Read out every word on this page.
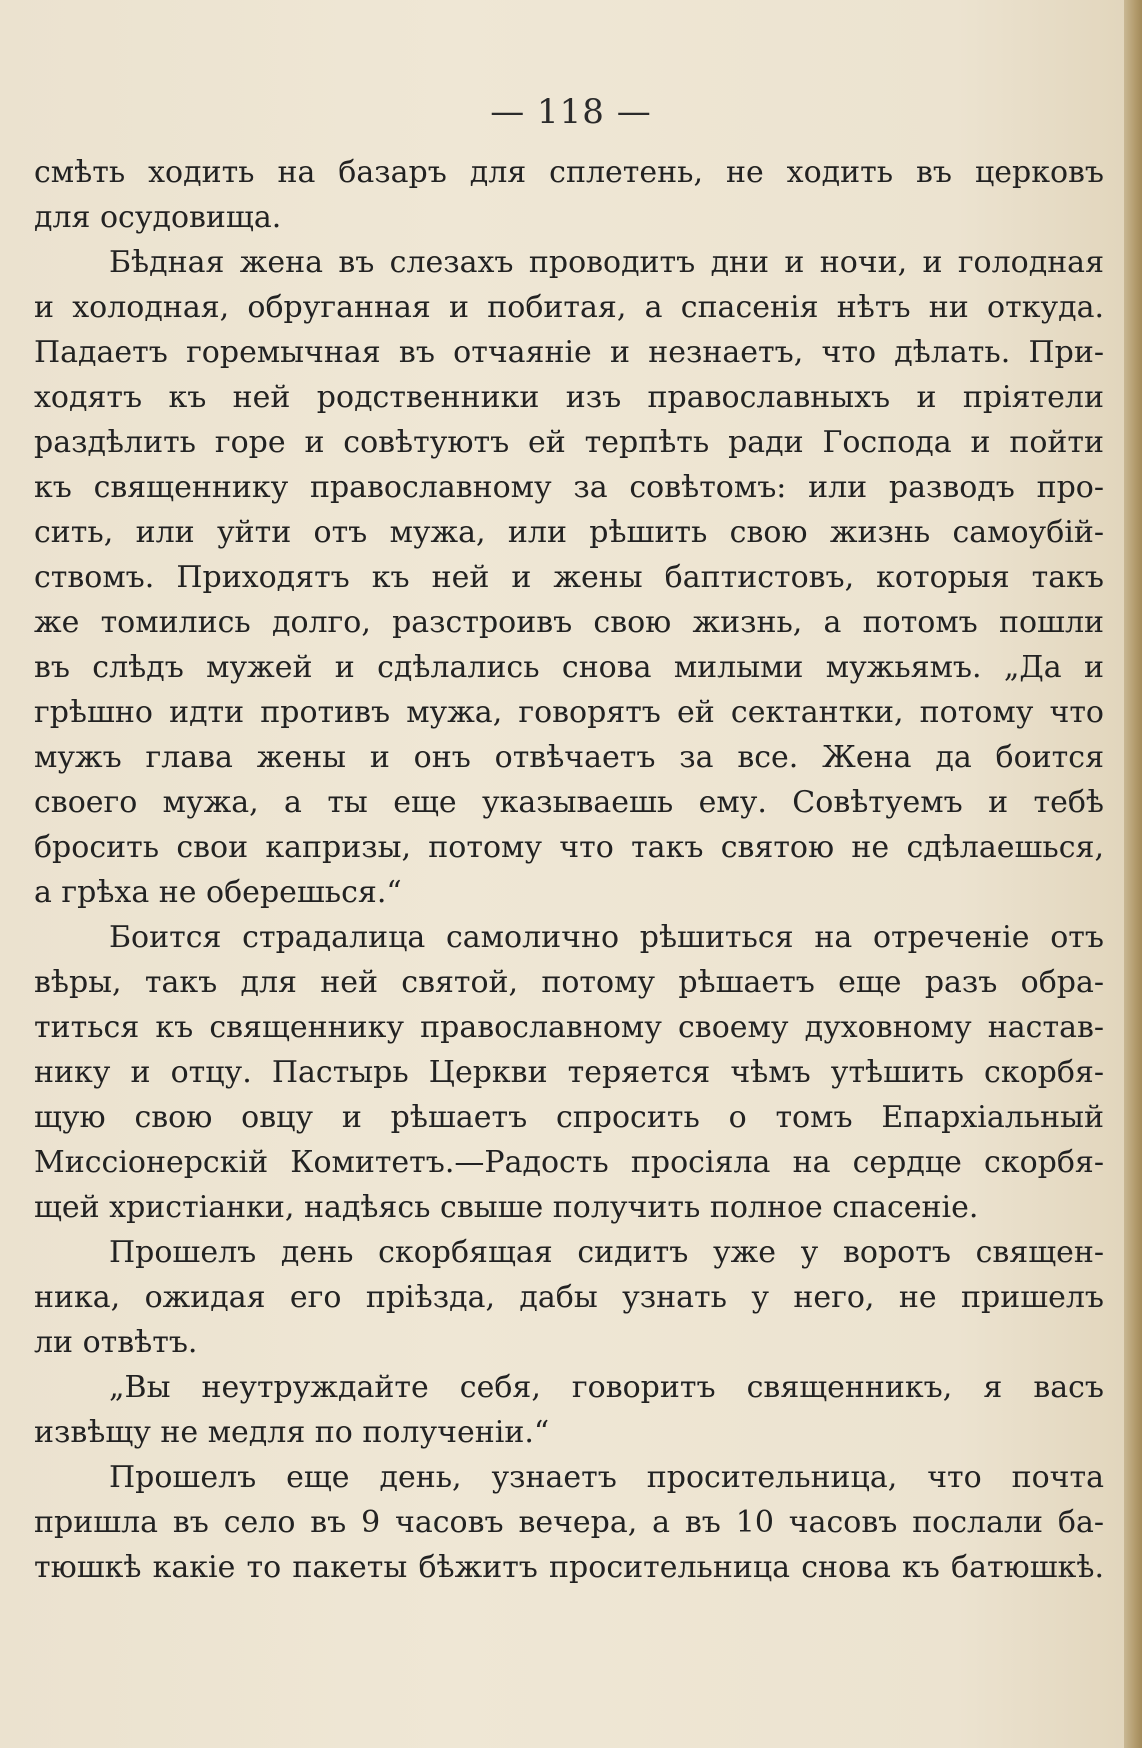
— 118 —
смѣть ходить на базаръ для сплетень, не ходить въ церковъ
для осудовища.
Бѣдная жена въ слезахъ проводитъ дни и ночи, и голодная
и холодная, обруганная и побитая, а спасенія нѣтъ ни откуда.
Падаетъ горемычная въ отчаяніе и незнаетъ, что дѣлать. При-
ходятъ къ ней родственники изъ православныхъ и пріятели
раздѣлить горе и совѣтуютъ ей терпѣть ради Господа и пойти
къ священнику православному за совѣтомъ: или разводъ про-
сить, или уйти отъ мужа, или рѣшить свою жизнь самоубій-
ствомъ. Приходятъ къ ней и жены баптистовъ, которыя такъ
же томились долго, разстроивъ свою жизнь, а потомъ пошли
въ слѣдъ мужей и сдѣлались снова милыми мужьямъ. „Да и
грѣшно идти противъ мужа, говорятъ ей сектантки, потому что
мужъ глава жены и онъ отвѣчаетъ за все. Жена да боится
своего мужа, а ты еще указываешь ему. Совѣтуемъ и тебѣ
бросить свои капризы, потому что такъ святою не сдѣлаешься,
а грѣха не оберешься.“
Боится страдалица самолично рѣшиться на отреченіе отъ
вѣры, такъ для ней святой, потому рѣшаетъ еще разъ обра-
титься къ священнику православному своему духовному настав-
нику и отцу. Пастырь Церкви теряется чѣмъ утѣшить скорбя-
щую свою овцу и рѣшаетъ спросить о томъ Епархіальный
Миссіонерскій Комитетъ.—Радость просіяла на сердце скорбя-
щей христіанки, надѣясь свыше получить полное спасеніе.
Прошелъ день скорбящая сидитъ уже у воротъ священ-
ника, ожидая его пріѣзда, дабы узнать у него, не пришелъ
ли отвѣтъ.
„Вы неутруждайте себя, говоритъ священникъ, я васъ
извѣщу не медля по полученіи.“
Прошелъ еще день, узнаетъ просительница, что почта
пришла въ село въ 9 часовъ вечера, а въ 10 часовъ послали ба-
тюшкѣ какіе то пакеты бѣжитъ просительница снова къ батюшкѣ.
